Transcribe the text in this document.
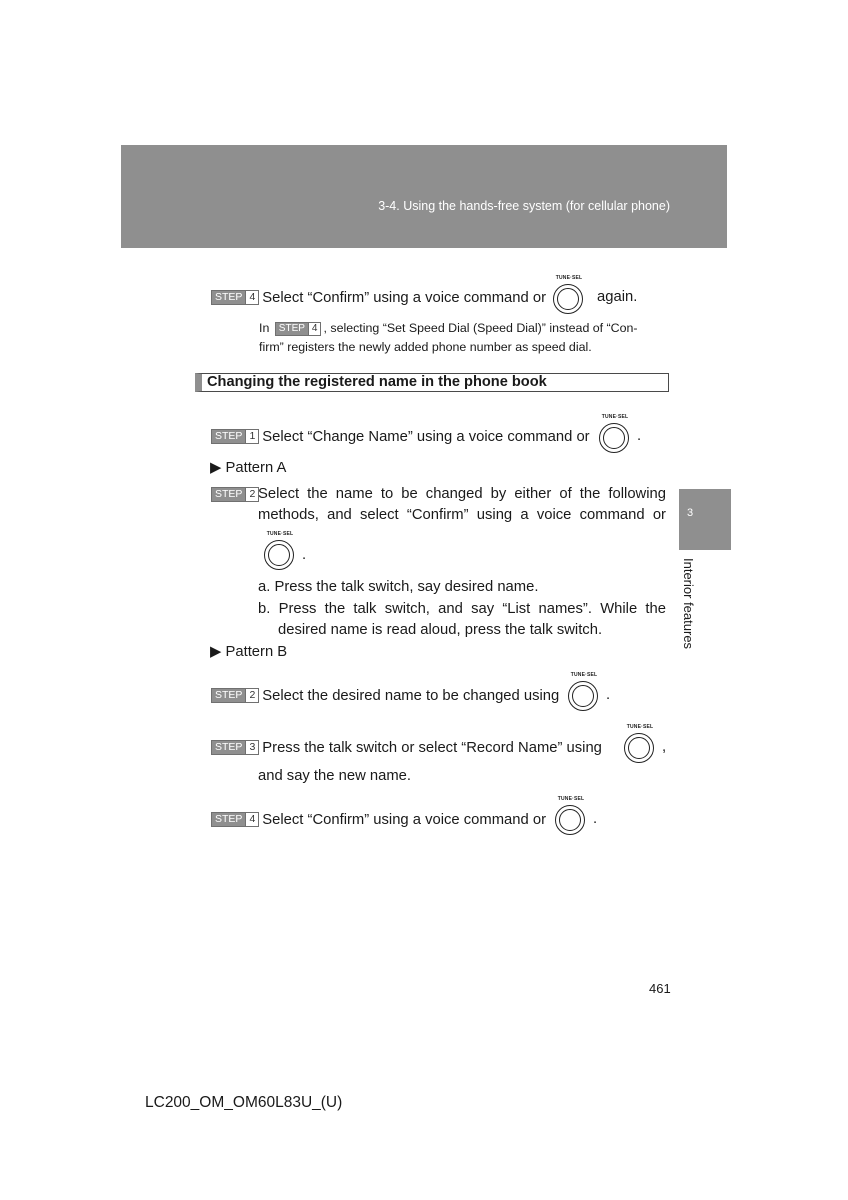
3-4. Using the hands-free system (for cellular phone)
3
Interior features
STEP 4 Select “Confirm” using a voice command or
TUNE·SEL
again.
In STEP 4 , selecting “Set Speed Dial (Speed Dial)” instead of “Con-
firm” registers the newly added phone number as speed dial.
Changing the registered name in the phone book
STEP 1 Select “Change Name” using a voice command or
TUNE·SEL
.
▶ Pattern A
STEP 2 Select the name to be changed by either of the following
methods, and select “Confirm” using a voice command or
TUNE·SEL
.
a. Press the talk switch, say desired name.
b. Press the talk switch, and say “List names”. While the
desired name is read aloud, press the talk switch.
▶ Pattern B
STEP 2 Select the desired name to be changed using
TUNE·SEL
.
STEP 3 Press the talk switch or select “Record Name” using
TUNE·SEL
,
and say the new name.
STEP 4 Select “Confirm” using a voice command or
TUNE·SEL
.
461
LC200_OM_OM60L83U_(U)
